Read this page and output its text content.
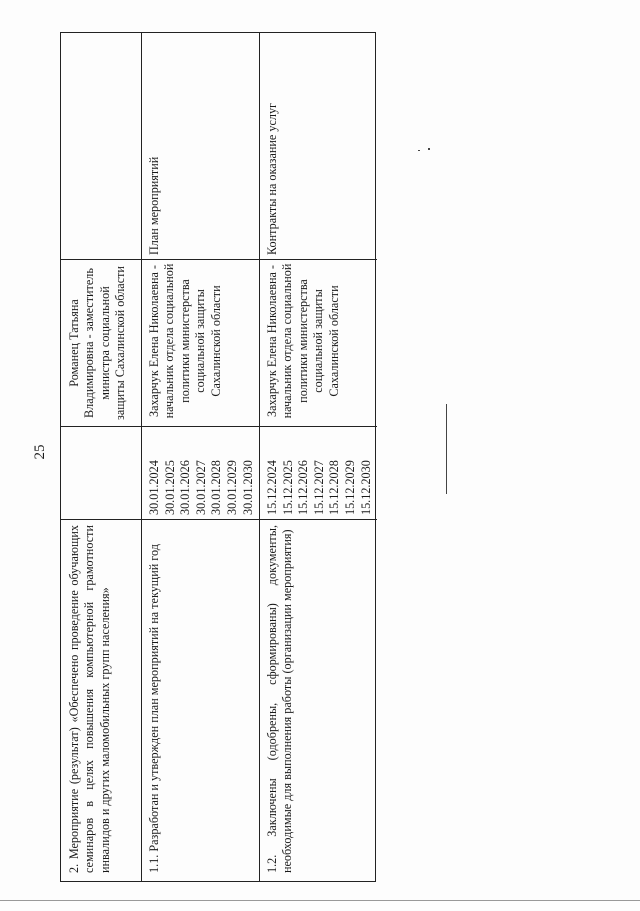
25
2. Мероприятие (результат) «Обеспечено проведение обучающих семинаров в целях повышения компьютерной грамотности инвалидов и других маломобильных групп населения»
Романец Татьяна Владимировна - заместитель министра социальной защиты Сахалинской области
1.1. Разработан и утвержден план мероприятий на текущий год
30.01.2024 30.01.2025 30.01.2026 30.01.2027 30.01.2028 30.01.2029 30.01.2030
Захарчук Елена Николаевна - начальник отдела социальной политики министерства социальной защиты Сахалинской области
План мероприятий
1.2. Заключены (одобрены, сформированы) документы, необходимые для выполнения работы (организации мероприятия)
15.12.2024 15.12.2025 15.12.2026 15.12.2027 15.12.2028 15.12.2029 15.12.2030
Захарчук Елена Николаевна - начальник отдела социальной политики министерства социальной защиты Сахалинской области
Контракты на оказание услуг
